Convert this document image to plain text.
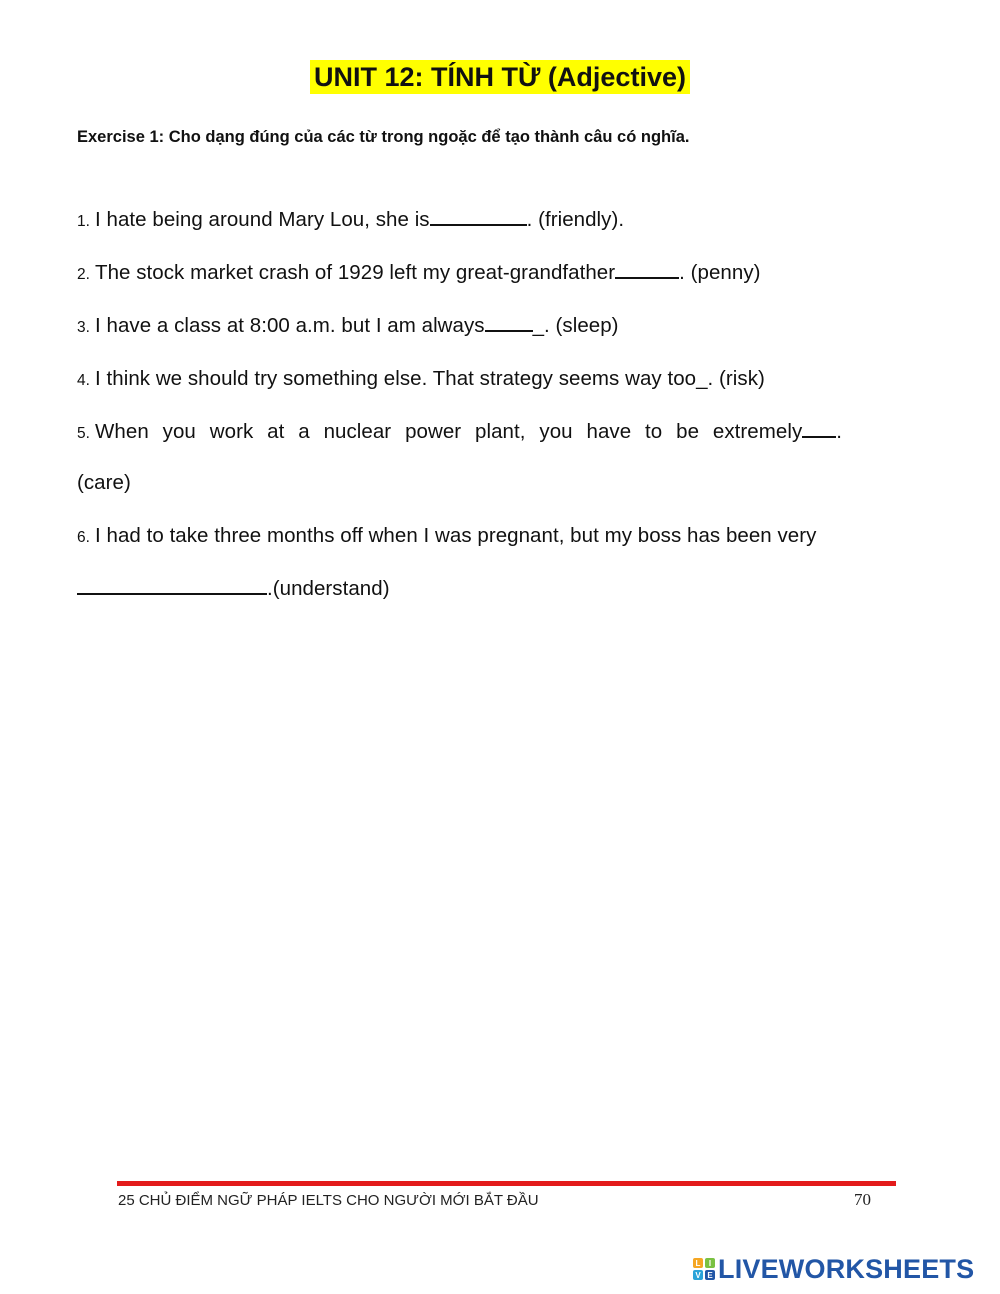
UNIT 12: TÍNH TỪ (Adjective)
Exercise 1: Cho dạng đúng của các từ trong ngoặc để tạo thành câu có nghĩa.
1. I hate being around Mary Lou, she is	. (friendly).
2. The stock market crash of 1929 left my great-grandfather	. (penny)
3. I have a class at 8:00 a.m. but I am always _. (sleep)
4. I think we should try something else. That strategy seems way too_. (risk)
5. When you work at a nuclear power plant, you have to be extremely .
(care)
6. I had to take three months off when I was pregnant, but my boss has been very
.(understand)
25 CHỦ ĐIỂM NGỮ PHÁP IELTS CHO NGƯỜI MỚI BẮT ĐẦU	70
L I
V E LIVEWORKSHEETS
